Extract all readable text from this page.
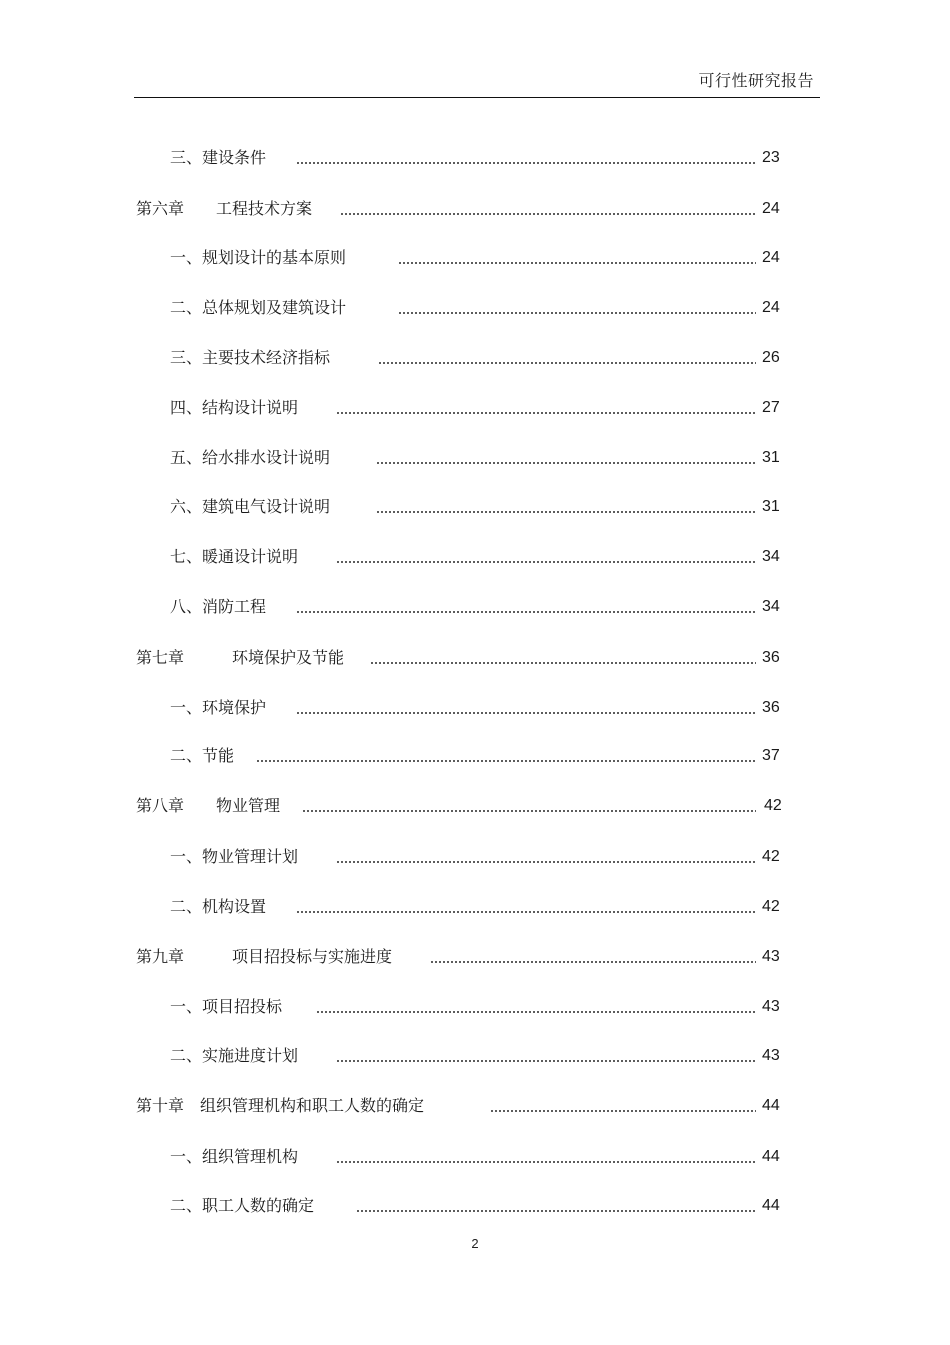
可行性研究报告
三、建设条件	23
第六章　　工程技术方案	24
一、规划设计的基本原则	24
二、总体规划及建筑设计	24
三、主要技术经济指标	26
四、结构设计说明	27
五、给水排水设计说明	31
六、建筑电气设计说明	31
七、暖通设计说明	34
八、消防工程	34
第七章　　　环境保护及节能	36
一、环境保护	36
二、节能	37
第八章　　物业管理	42
一、物业管理计划	42
二、机构设置	42
第九章　　　项目招投标与实施进度	43
一、项目招投标	43
二、实施进度计划	43
第十章　组织管理机构和职工人数的确定	44
一、组织管理机构	44
二、职工人数的确定	44
2
